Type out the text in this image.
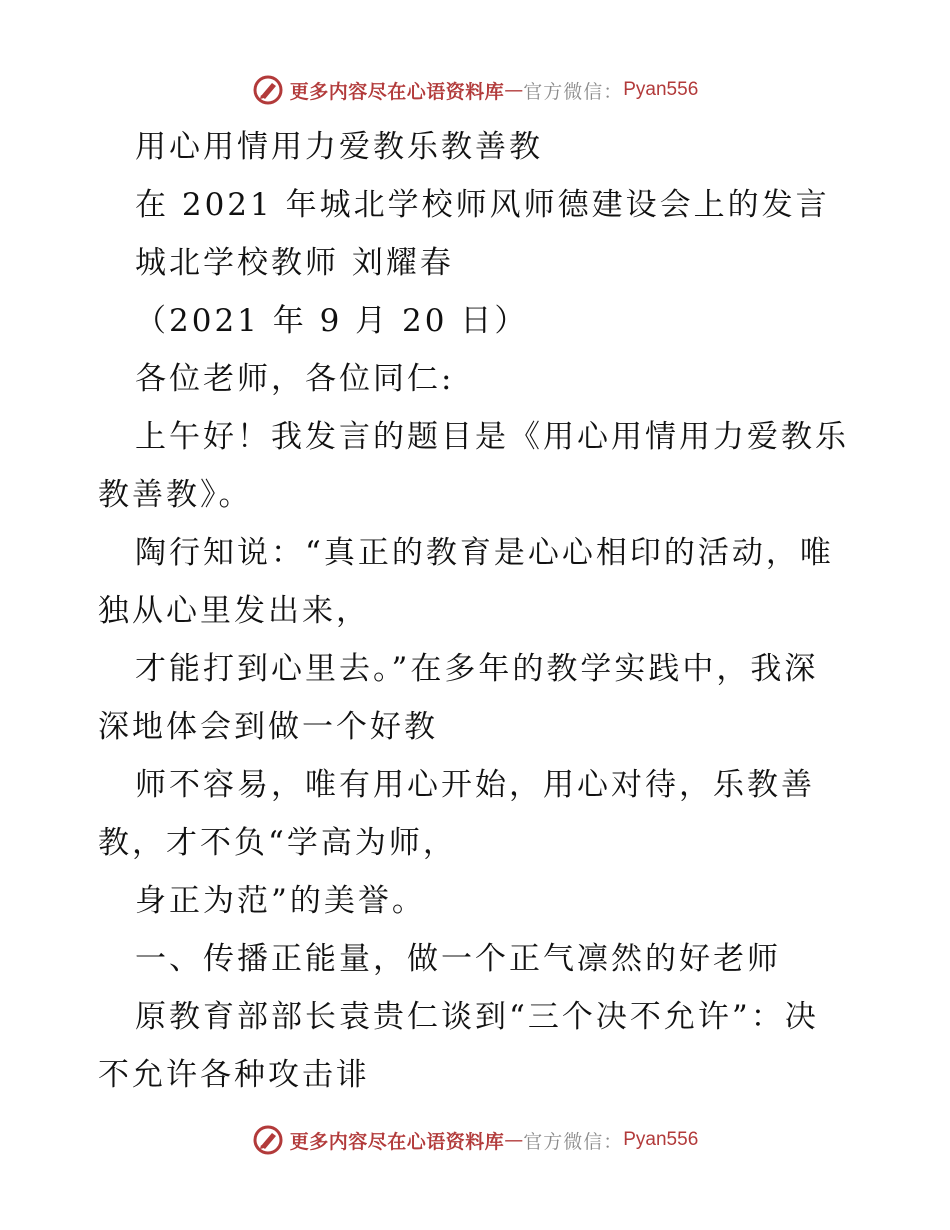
更多内容尽在心语资料库 — 官方微信： Pyan556
用心用情用力爱教乐教善教
在 2021 年城北学校师风师德建设会上的发言
城北学校教师 刘耀春
（2021 年 9 月 20 日）
各位老师，各位同仁:
上午好！我发言的题目是《用心用情用力爱教乐
教善教》。
陶行知说：“真正的教育是心心相印的活动，唯
独从心里发出来，
才能打到心里去。”在多年的教学实践中，我深
深地体会到做一个好教
师不容易，唯有用心开始，用心对待，乐教善
教，才不负“学高为师，
身正为范”的美誉。
一、传播正能量，做一个正气凛然的好老师
原教育部部长袁贵仁谈到“三个决不允许”：决
不允许各种攻击诽
更多内容尽在心语资料库 — 官方微信： Pyan556
